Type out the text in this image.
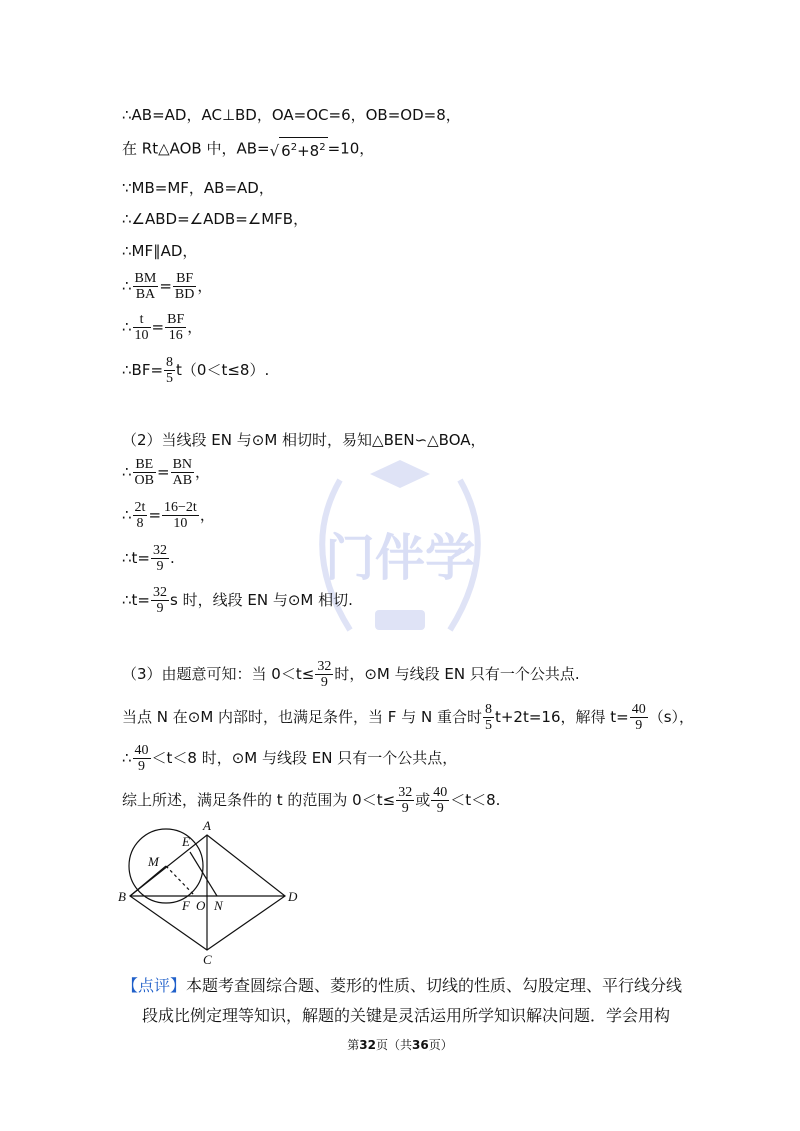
门伴学
∴AB=AD，AC⊥BD，OA=OC=6，OB=OD=8，
在 Rt△AOB 中，AB=√ $6^2+8^2 =10$，
∵MB=MF，AB=AD，
∴∠ABD=∠ADB=∠MFB，
∴MF∥AD，
∴ $\frac{BM}{BA} = \frac{BF}{BD}$ ，
∴ $\frac{t}{10} = \frac{BF}{16}$ ，
∴BF= $\frac{8}{5} t(0<t\le 8)$.
（2）当线段 EN 与⊙M 相切时，易知△BEN∽△BOA，
∴ $\frac{BE}{OB} = \frac{BN}{AB}$ ，
∴ $\frac{2t}{8} = \frac{16-2t}{10}$ ，
∴t= $\frac{32}{9}$ .
∴t= $\frac{32}{9}$ s 时，线段 EN 与⊙M 相切.
（3）由题意可知：当 $0<t\le \frac{32}{9}$ 时，⊙M 与线段 EN 只有一个公共点.
当点 N 在⊙M 内部时，也满足条件，当 F 与 N 重合时 $\frac{8}{5} t+2t=16$，解得 $t= \frac{40}{9} (s)$，
∴ $\frac{40}{9} <t<8$ 时，⊙M 与线段 EN 只有一个公共点，
综上所述，满足条件的 t 的范围为 $0<t\le \frac{32}{9}$ 或 $\frac{40}{9} <t<8$.
A
B
C
D
E
F O N
M
【点评】本题考查圆综合题、菱形的性质、切线的性质、勾股定理、平行线分线
段成比例定理等知识，解题的关键是灵活运用所学知识解决问题．学会用构
第32页（共36页）
